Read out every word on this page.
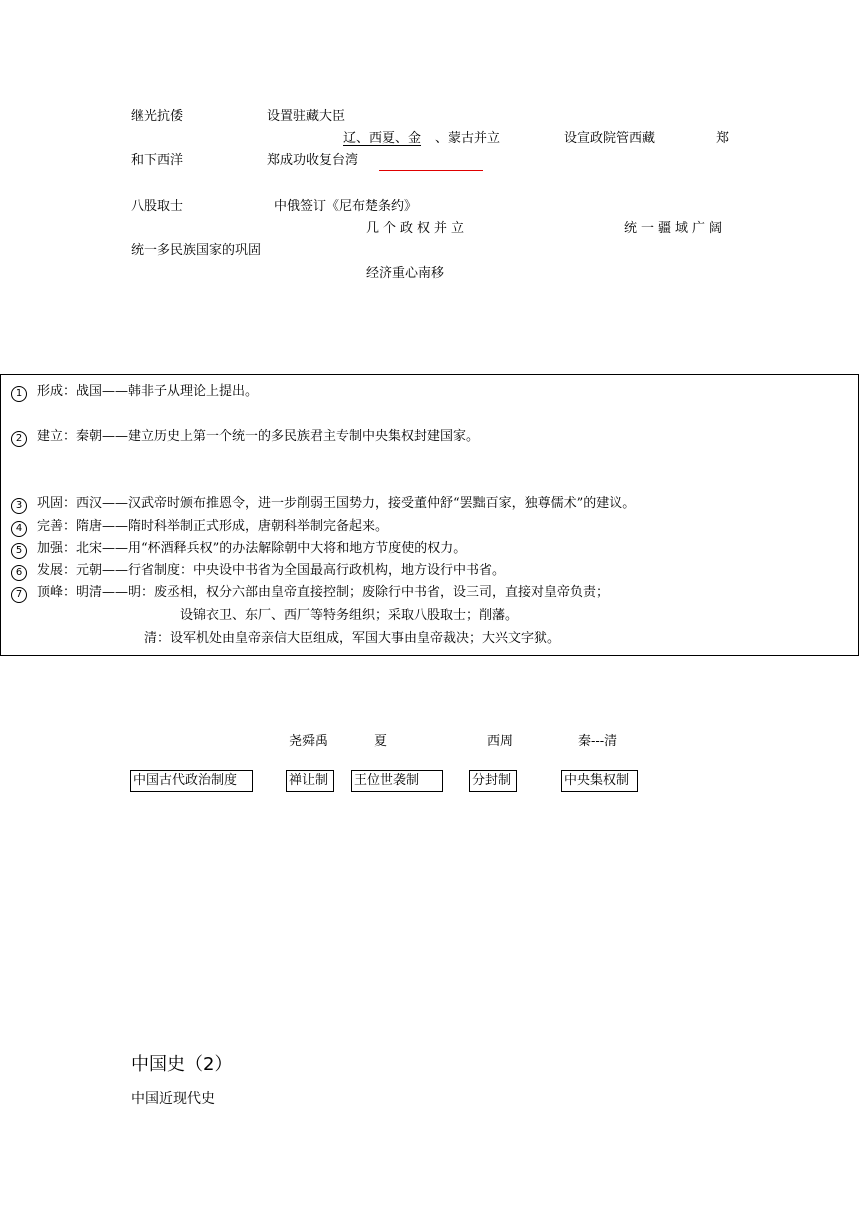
继光抗倭	设置驻藏大臣
辽、西夏、金 、蒙古并立	设宣政院管西藏	郑
和下西洋	郑成功收复台湾
八股取士	中俄签订《尼布楚条约》
几个政权并立	统一疆域广阔
统一多民族国家的巩固
经济重心南移
1 形成：战国——韩非子从理论上提出。
2 建立：秦朝——建立历史上第一个统一的多民族君主专制中央集权封建国家。
3 巩固：西汉——汉武帝时颁布推恩令，进一步削弱王国势力，接受董仲舒“罢黜百家，独尊儒术”的建议。
4 完善：隋唐——隋时科举制正式形成，唐朝科举制完备起来。
5 加强：北宋——用“杯酒释兵权”的办法解除朝中大将和地方节度使的权力。
6 发展：元朝——行省制度：中央设中书省为全国最高行政机构，地方设行中书省。
7 顶峰：明清——明：废丞相，权分六部由皇帝直接控制；废除行中书省，设三司，直接对皇帝负责；
设锦衣卫、东厂、西厂等特务组织；采取八股取士；削藩。
清：设军机处由皇帝亲信大臣组成，军国大事由皇帝裁决；大兴文字狱。
尧舜禹	夏	西周	秦---清
中国古代政治制度	禅让制	王位世袭制	分封制	中央集权制
中国史（2）
中国近现代史
